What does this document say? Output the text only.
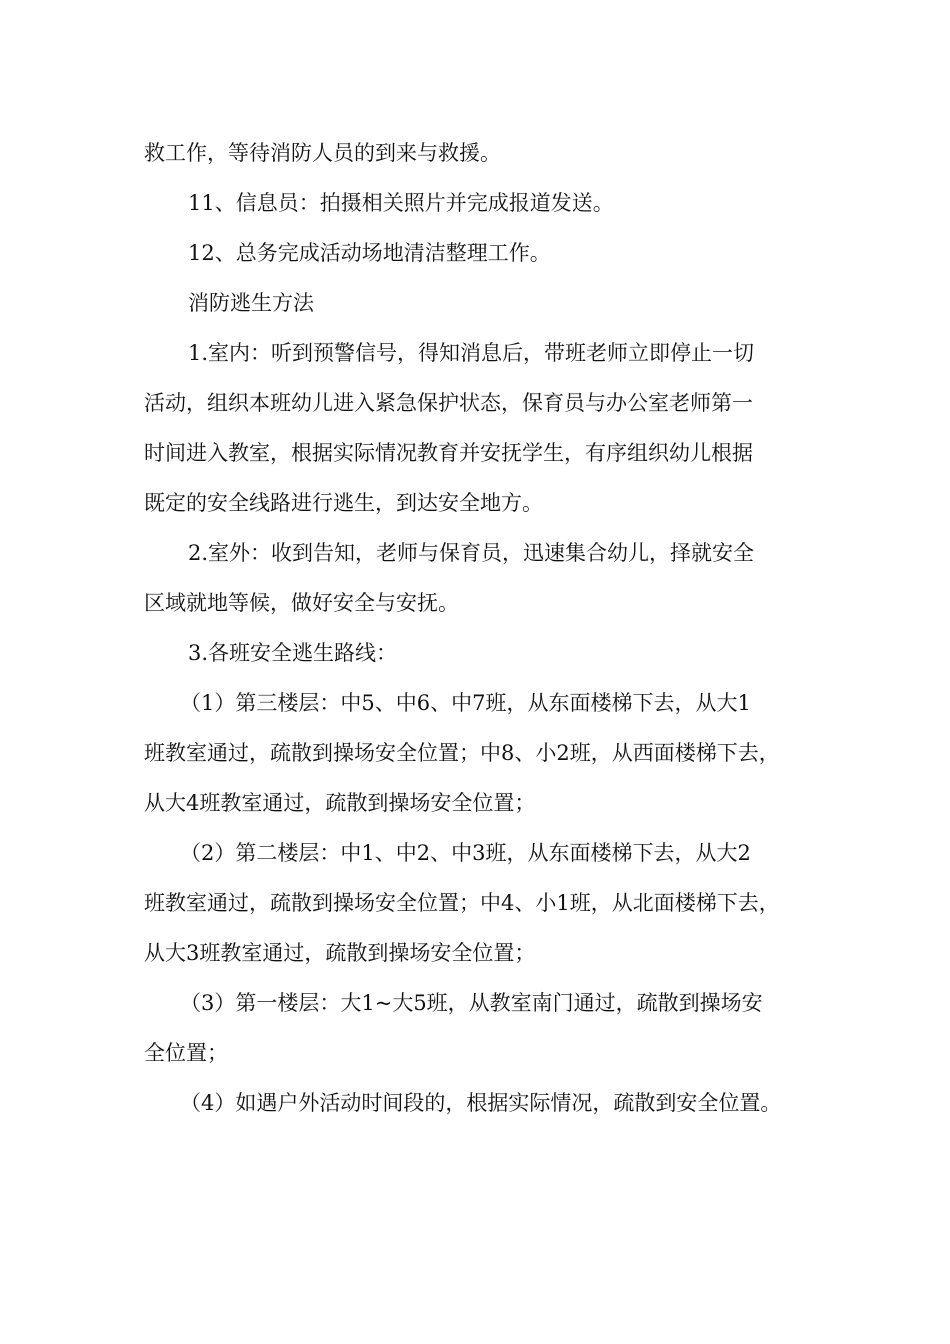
救工作，等待消防人员的到来与救援。
11、信息员：拍摄相关照片并完成报道发送。
12、总务完成活动场地清洁整理工作。
消防逃生方法
1.室内：听到预警信号，得知消息后，带班老师立即停止一切
活动，组织本班幼儿进入紧急保护状态，保育员与办公室老师第一
时间进入教室，根据实际情况教育并安抚学生，有序组织幼儿根据
既定的安全线路进行逃生，到达安全地方。
2.室外：收到告知，老师与保育员，迅速集合幼儿，择就安全
区域就地等候，做好安全与安抚。
3.各班安全逃生路线：
（1）第三楼层：中5、中6、中7班，从东面楼梯下去，从大1
班教室通过，疏散到操场安全位置；中8、小2班，从西面楼梯下去，
从大4班教室通过，疏散到操场安全位置；
（2）第二楼层：中1、中2、中3班，从东面楼梯下去，从大2
班教室通过，疏散到操场安全位置；中4、小1班，从北面楼梯下去，
从大3班教室通过，疏散到操场安全位置；
（3）第一楼层：大1~大5班，从教室南门通过，疏散到操场安
全位置；
（4）如遇户外活动时间段的，根据实际情况，疏散到安全位置。
